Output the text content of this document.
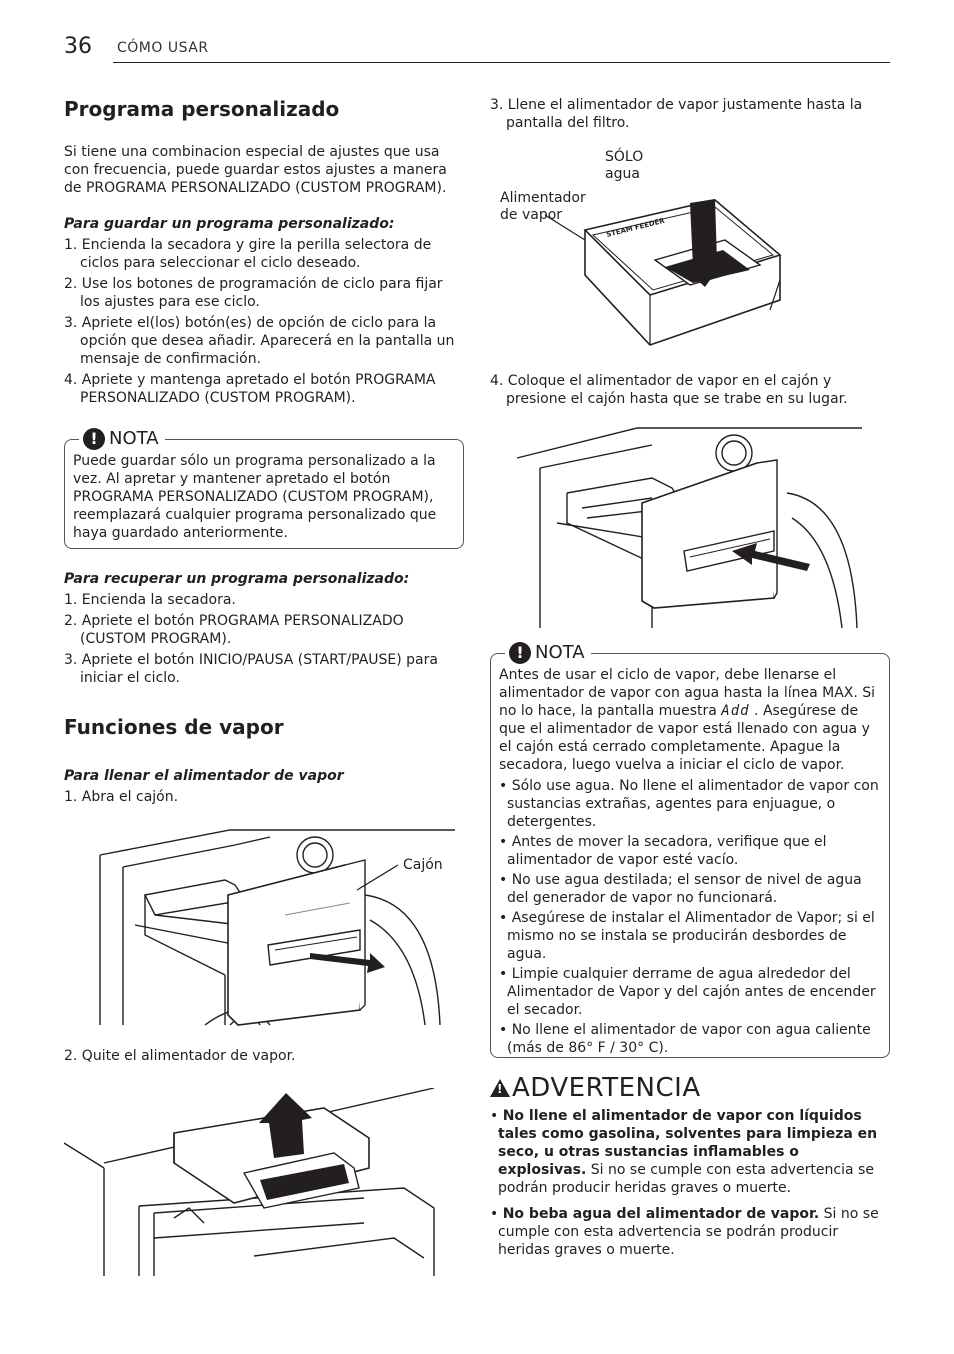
36 CÓMO USAR

Programa personalizado

Si tiene una combinacion especial de ajustes que usa con frecuencia, puede guardar estos ajustes a manera de PROGRAMA PERSONALIZADO (CUSTOM PROGRAM).

Para guardar un programa personalizado:

1. Encienda la secadora y gire la perilla selectora de ciclos para seleccionar el ciclo deseado.
2. Use los botones de programación de ciclo para fijar los ajustes para ese ciclo.
3. Apriete el(los) botón(es) de opción de ciclo para la opción que desea añadir. Aparecerá en la pantalla un mensaje de confirmación.
4. Apriete y mantenga apretado el botón PROGRAMA PERSONALIZADO (CUSTOM PROGRAM).
! NOTA
Puede guardar sólo un programa personalizado a la vez. Al apretar y mantener apretado el botón PROGRAMA PERSONALIZADO (CUSTOM PROGRAM), reemplazará cualquier programa personalizado que haya guardado anteriormente.

Para recuperar un programa personalizado:

1. Encienda la secadora.
2. Apriete el botón PROGRAMA PERSONALIZADO (CUSTOM PROGRAM).
3. Apriete el botón INICIO/PAUSA (START/PAUSE) para iniciar el ciclo.

Funciones de vapor

Para llenar el alimentador de vapor

1. Abra el cajón.

Cajón

2. Quite el alimentador de vapor.

3. Llene el alimentador de vapor justamente hasta la pantalla del filtro.
SÓLO
agua
Alimentador
de vapor
STEAM FEEDER
4. Coloque el alimentador de vapor en el cajón y presione el cajón hasta que se trabe en su lugar.
! NOTA
Antes de usar el ciclo de vapor, debe llenarse el alimentador de vapor con agua hasta la línea MAX. Si no lo hace, la pantalla muestra Add . Asegúrese de que el alimentador de vapor está llenado con agua y el cajón está cerrado completamente. Apague la secadora, luego vuelva a iniciar el ciclo de vapor.
• Sólo use agua. No llene el alimentador de vapor con sustancias extrañas, agentes para enjuague, o detergentes.
• Antes de mover la secadora, verifique que el alimentador de vapor esté vacío.
• No use agua destilada; el sensor de nivel de agua del generador de vapor no funcionará.
• Asegúrese de instalar el Alimentador de Vapor; si el mismo no se instala se producirán desbordes de agua.
• Limpie cualquier derrame de agua alrededor del Alimentador de Vapor y del cajón antes de encender el secador.
• No llene el alimentador de vapor con agua caliente (más de 86° F / 30° C).
! ADVERTENCIA
• No llene el alimentador de vapor con líquidos tales como gasolina, solventes para limpieza en seco, u otras sustancias inflamables o explosivas. Si no se cumple con esta advertencia se podrán producir heridas graves o muerte.
• No beba agua del alimentador de vapor. Si no se cumple con esta advertencia se podrán producir heridas graves o muerte.
